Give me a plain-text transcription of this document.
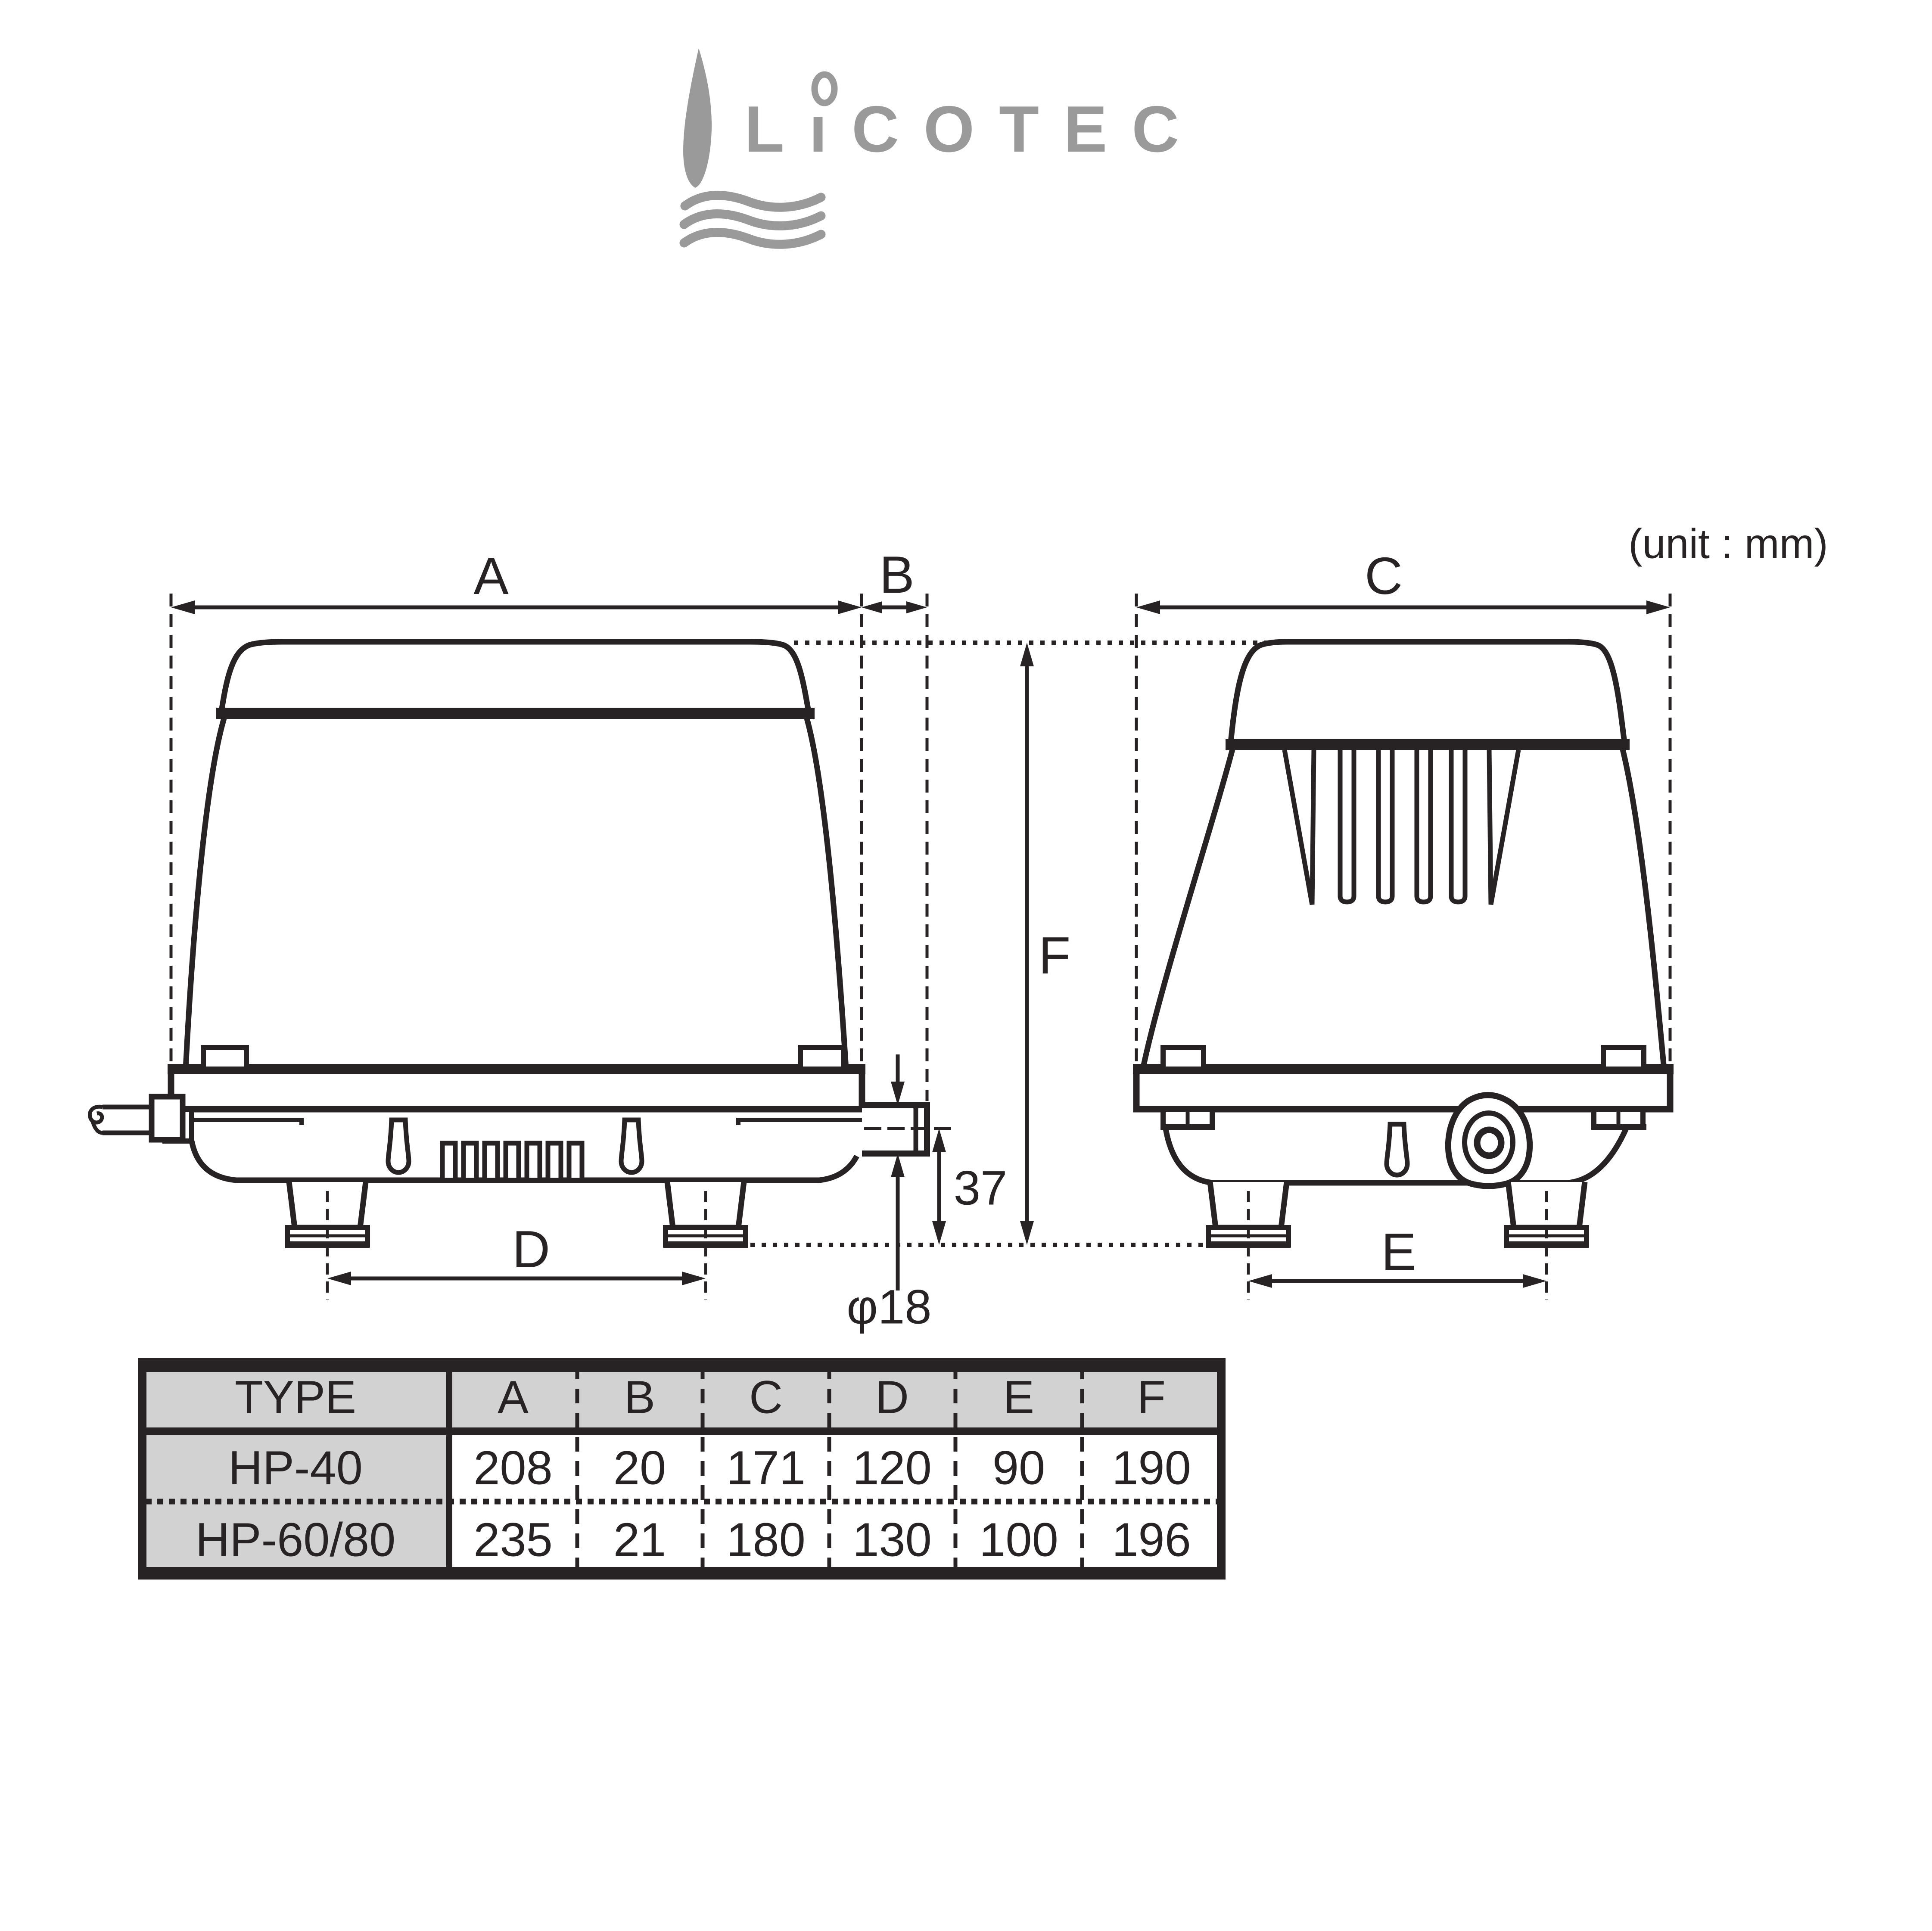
LıCOTEC
(unit : mm)
A	B	C
F
D	E
37
φ18
TYPE	A B C D E F
HP-40 208 20 171 120 90 190
HP-60/80 235 21 180 130 100 196
